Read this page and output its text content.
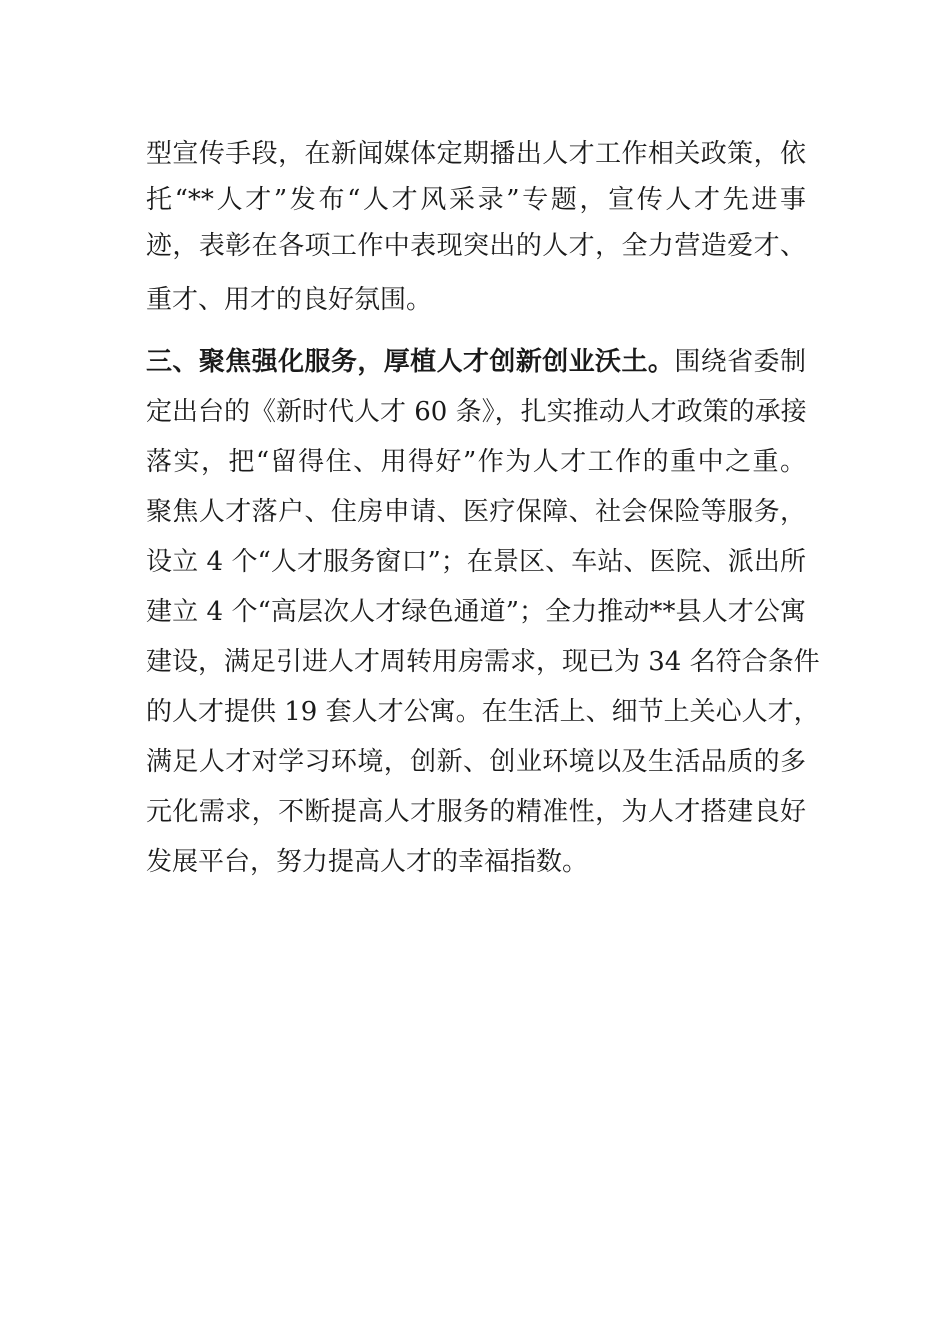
型宣传手段，在新闻媒体定期播出人才工作相关政策，依
托“**人才”发布“人才风采录”专题，宣传人才先进事
迹，表彰在各项工作中表现突出的人才，全力营造爱才、
重才、用才的良好氛围。
三、聚焦强化服务，厚植人才创新创业沃土。围绕省委制
定出台的《新时代人才 60 条》，扎实推动人才政策的承接
落实，把“留得住、用得好”作为人才工作的重中之重。
聚焦人才落户、住房申请、医疗保障、社会保险等服务，
设立 4 个“人才服务窗口”；在景区、车站、医院、派出所
建立 4 个“高层次人才绿色通道”；全力推动**县人才公寓
建设，满足引进人才周转用房需求，现已为 34 名符合条件
的人才提供 19 套人才公寓。在生活上、细节上关心人才，
满足人才对学习环境，创新、创业环境以及生活品质的多
元化需求，不断提高人才服务的精准性，为人才搭建良好
发展平台，努力提高人才的幸福指数。
